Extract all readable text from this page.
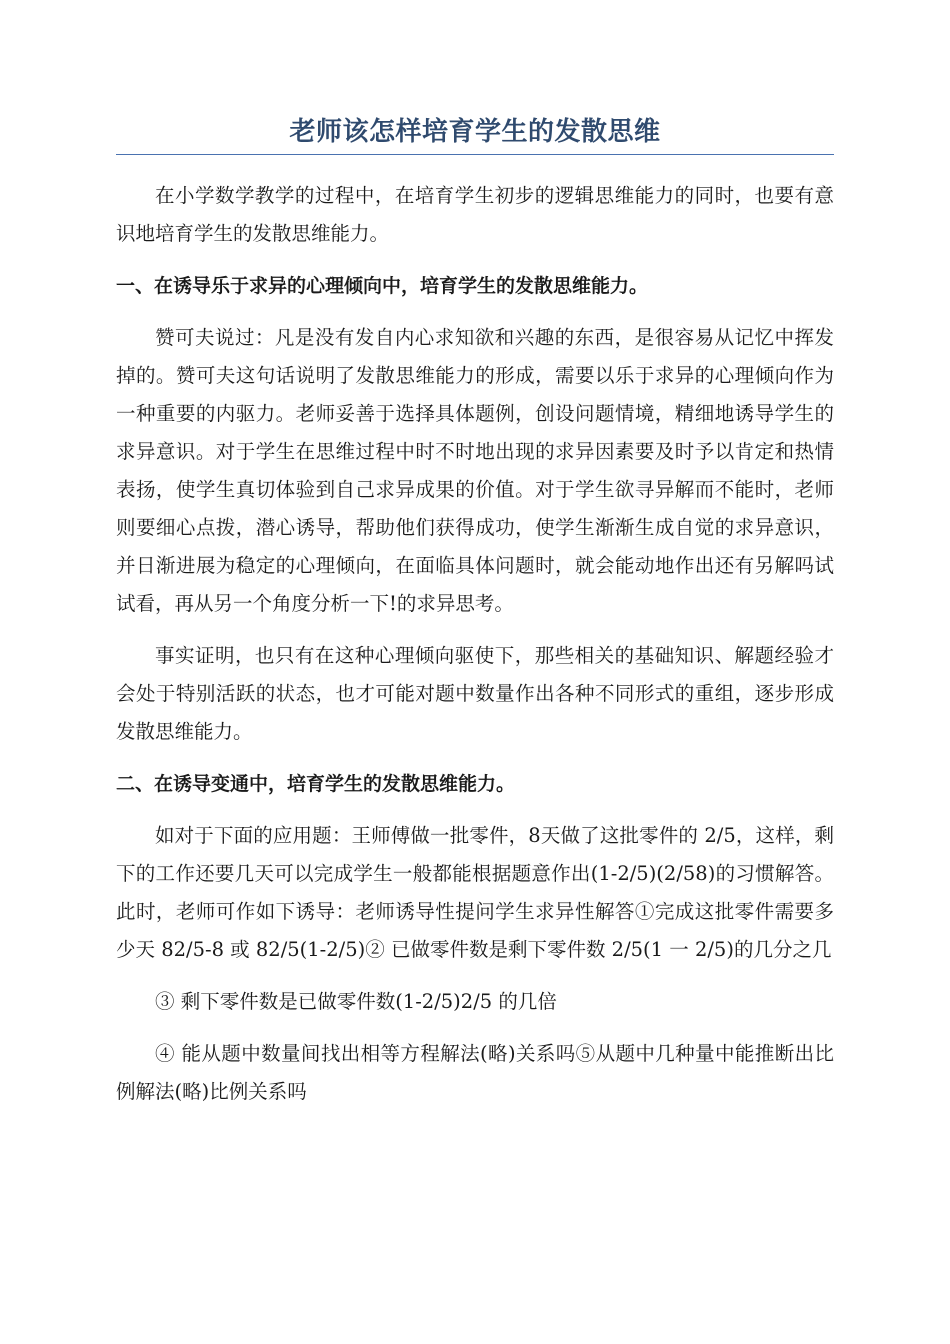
老师该怎样培育学生的发散思维

在小学数学教学的过程中，在培育学生初步的逻辑思维能力的同时，也要有意识地培育学生的发散思维能力。

一、在诱导乐于求异的心理倾向中，培育学生的发散思维能力。

赞可夫说过：凡是没有发自内心求知欲和兴趣的东西，是很容易从记忆中挥发掉的。赞可夫这句话说明了发散思维能力的形成，需要以乐于求异的心理倾向作为一种重要的内驱力。老师妥善于选择具体题例，创设问题情境，精细地诱导学生的求异意识。对于学生在思维过程中时不时地出现的求异因素要及时予以肯定和热情表扬，使学生真切体验到自己求异成果的价值。对于学生欲寻异解而不能时，老师则要细心点拨，潜心诱导，帮助他们获得成功，使学生渐渐生成自觉的求异意识，并日渐进展为稳定的心理倾向，在面临具体问题时，就会能动地作出还有另解吗试试看，再从另一个角度分析一下!的求异思考。

事实证明，也只有在这种心理倾向驱使下，那些相关的基础知识、解题经验才会处于特别活跃的状态，也才可能对题中数量作出各种不同形式的重组，逐步形成发散思维能力。

二、在诱导变通中，培育学生的发散思维能力。

如对于下面的应用题：王师傅做一批零件，8天做了这批零件的 2/5，这样，剩下的工作还要几天可以完成学生一般都能根据题意作出(1-2/5)(2/58)的习惯解答。此时，老师可作如下诱导：老师诱导性提问学生求异性解答①完成这批零件需要多少天 82/5-8 或 82/5(1-2/5)② 已做零件数是剩下零件数 2/5(1 一 2/5)的几分之几

③ 剩下零件数是已做零件数(1-2/5)2/5 的几倍

④ 能从题中数量间找出相等方程解法(略)关系吗⑤从题中几种量中能推断出比例解法(略)比例关系吗
